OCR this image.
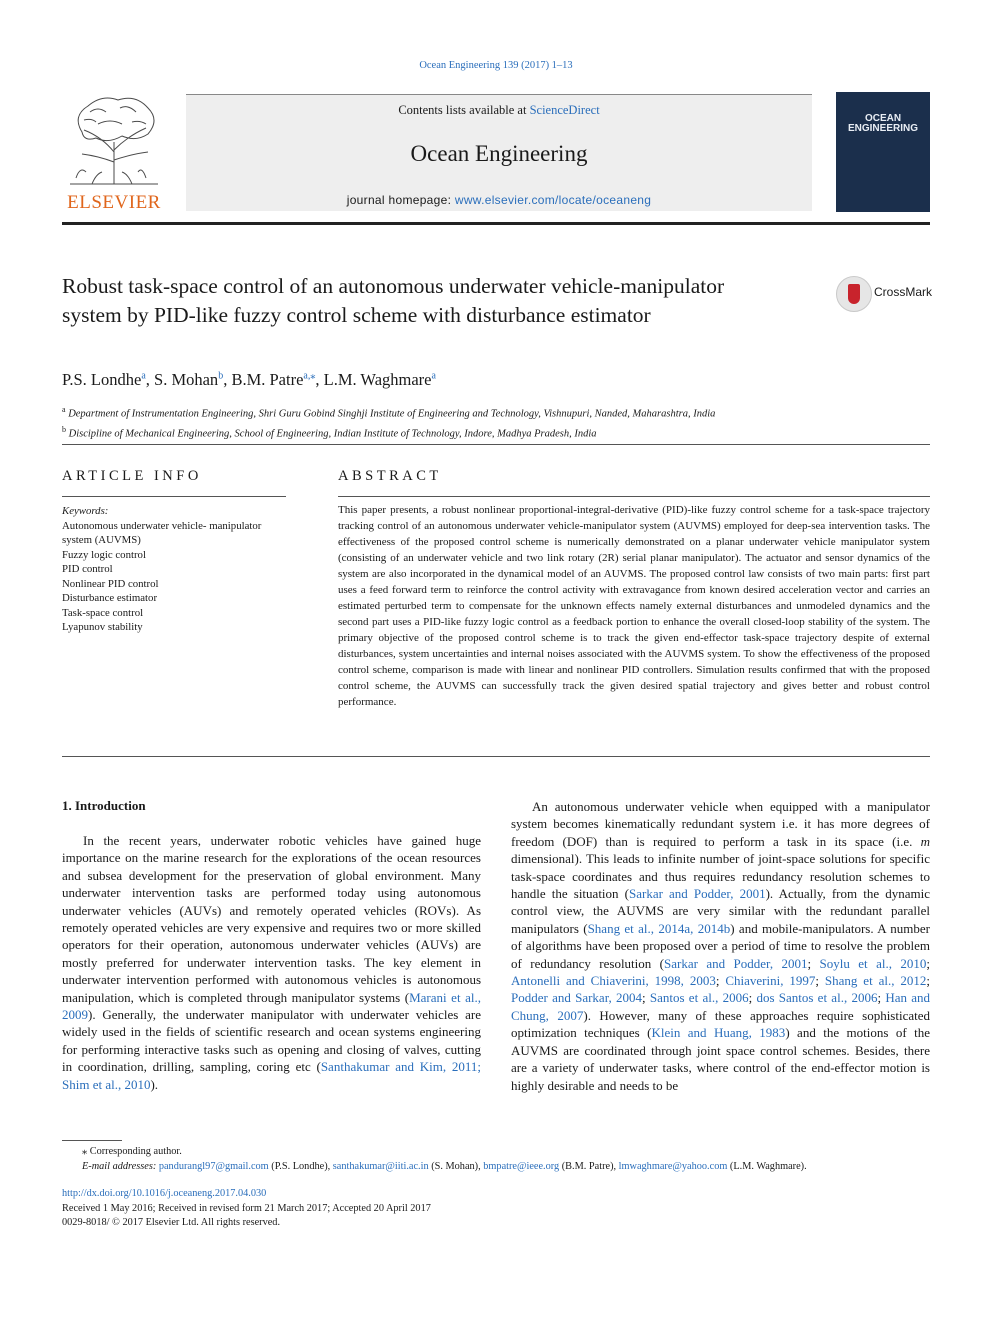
Ocean Engineering 139 (2017) 1–13
ELSEVIER
Contents lists available at ScienceDirect
Ocean Engineering
journal homepage: www.elsevier.com/locate/oceaneng
OCEAN
ENGINEERING
Robust task-space control of an autonomous underwater vehicle-manipulator system by PID-like fuzzy control scheme with disturbance estimator
CrossMark
P.S. Londhe$^a$, S. Mohan$^b$, B.M. Patre$^{a,⁎}$, L.M. Waghmare$^a$
$^a$ Department of Instrumentation Engineering, Shri Guru Gobind Singhji Institute of Engineering and Technology, Vishnupuri, Nanded, Maharashtra, India
$^b$ Discipline of Mechanical Engineering, School of Engineering, Indian Institute of Technology, Indore, Madhya Pradesh, India
ARTICLE INFO
Keywords:
Autonomous underwater vehicle- manipulator system (AUVMS)
Fuzzy logic control
PID control
Nonlinear PID control
Disturbance estimator
Task-space control
Lyapunov stability
ABSTRACT
This paper presents, a robust nonlinear proportional-integral-derivative (PID)-like fuzzy control scheme for a task-space trajectory tracking control of an autonomous underwater vehicle-manipulator system (AUVMS) employed for deep-sea intervention tasks. The effectiveness of the proposed control scheme is numerically demonstrated on a planar underwater vehicle manipulator system (consisting of an underwater vehicle and two link rotary (2R) serial planar manipulator). The actuator and sensor dynamics of the system are also incorporated in the dynamical model of an AUVMS. The proposed control law consists of two main parts: first part uses a feed forward term to reinforce the control activity with extravagance from known desired acceleration vector and carries an estimated perturbed term to compensate for the unknown effects namely external disturbances and unmodeled dynamics and the second part uses a PID-like fuzzy logic control as a feedback portion to enhance the overall closed-loop stability of the system. The primary objective of the proposed control scheme is to track the given end-effector task-space trajectory despite of external disturbances, system uncertainties and internal noises associated with the AUVMS system. To show the effectiveness of the proposed control scheme, comparison is made with linear and nonlinear PID controllers. Simulation results confirmed that with the proposed control scheme, the AUVMS can successfully track the given desired spatial trajectory and gives better and robust control performance.
1. Introduction

In the recent years, underwater robotic vehicles have gained huge importance on the marine research for the explorations of the ocean resources and subsea development for the preservation of global environment. Many underwater intervention tasks are performed today using autonomous underwater vehicles (AUVs) and remotely operated vehicles (ROVs). As remotely operated vehicles are very expensive and requires two or more skilled operators for their operation, autonomous underwater vehicles (AUVs) are mostly preferred for underwater intervention tasks. The key element in underwater intervention performed with autonomous vehicles is autonomous manipulation, which is completed through manipulator systems (Marani et al., 2009). Generally, the underwater manipulator with underwater vehicles are widely used in the fields of scientific research and ocean systems engineering for performing interactive tasks such as opening and closing of valves, cutting in coordination, drilling, sampling, coring etc (Santhakumar and Kim, 2011; Shim et al., 2010).

An autonomous underwater vehicle when equipped with a manipulator system becomes kinematically redundant system i.e. it has more degrees of freedom (DOF) than is required to perform a task in its space (i.e. m dimensional). This leads to infinite number of joint-space solutions for specific task-space coordinates and thus requires redundancy resolution schemes to handle the situation (Sarkar and Podder, 2001). Actually, from the dynamic control view, the AUVMS are very similar with the redundant parallel manipulators (Shang et al., 2014a, 2014b) and mobile-manipulators. A number of algorithms have been proposed over a period of time to resolve the problem of redundancy resolution (Sarkar and Podder, 2001; Soylu et al., 2010; Antonelli and Chiaverini, 1998, 2003; Chiaverini, 1997; Shang et al., 2012; Podder and Sarkar, 2004; Santos et al., 2006; dos Santos et al., 2006; Han and Chung, 2007). However, many of these approaches require sophisticated optimization techniques (Klein and Huang, 1983) and the motions of the AUVMS are coordinated through joint space control schemes. Besides, there are a variety of underwater tasks, where control of the end-effector motion is highly desirable and needs to be

⁎ Corresponding author.
E-mail addresses: pandurangl97@gmail.com (P.S. Londhe), santhakumar@iiti.ac.in (S. Mohan), bmpatre@ieee.org (B.M. Patre), lmwaghmare@yahoo.com (L.M. Waghmare).
http://dx.doi.org/10.1016/j.oceaneng.2017.04.030
Received 1 May 2016; Received in revised form 21 March 2017; Accepted 20 April 2017
0029-8018/ © 2017 Elsevier Ltd. All rights reserved.
